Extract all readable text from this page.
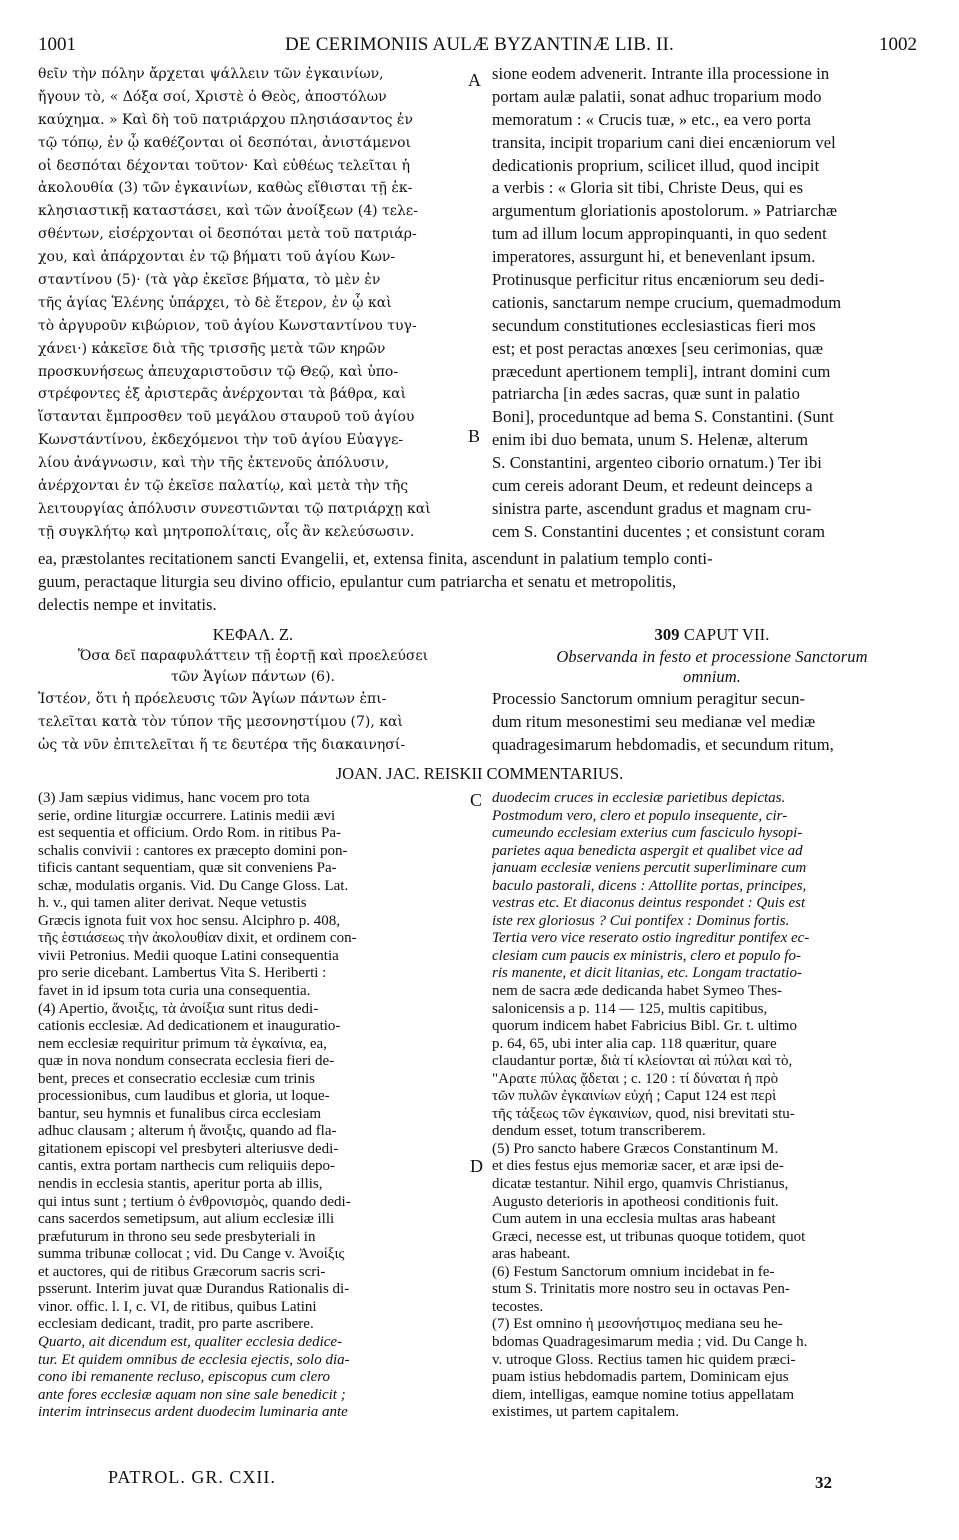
1001	DE CERIMONIIS AULÆ BYZANTINÆ LIB. II.	1002
θεῖν τὴν πόλην ἄρχεται ψάλλειν τῶν ἐγκαινίων,
ἤγουν τὸ, « Δόξα σοί, Χριστὲ ὁ Θεὸς, ἀποστόλων
καύχημα. » Καὶ δὴ τοῦ πατριάρχου πλησιάσαντος ἐν
τῷ τόπῳ, ἐν ᾧ καθέζονται οἱ δεσπόται, ἀνιστάμενοι
οἱ δεσπόται δέχονται τοῦτον· Καὶ εὐθέως τελεῖται ἡ
ἀκολουθία (3) τῶν ἐγκαινίων, καθὼς εἴθισται τῇ ἐκ-
κλησιαστικῇ καταστάσει, καὶ τῶν ἀνοίξεων (4) τελε-
σθέντων, εἰσέρχονται οἱ δεσπόται μετὰ τοῦ πατριάρ-
χου, καὶ ἀπάρχονται ἐν τῷ βήματι τοῦ ἁγίου Κων-
σταντίνου (5)· (τὰ γὰρ ἐκεῖσε βήματα, τὸ μὲν ἐν
τῆς ἁγίας Ἑλένης ὑπάρχει, τὸ δὲ ἕτερον, ἐν ᾧ καὶ
τὸ ἀργυροῦν κιβώριον, τοῦ ἁγίου Κωνσταντίνου τυγ-
χάνει·) κἀκεῖσε διὰ τῆς τρισσῆς μετὰ τῶν κηρῶν
προσκυνήσεως ἀπευχαριστοῦσιν τῷ Θεῷ, καὶ ὑπο-
στρέφοντες ἐξ ἀριστερᾶς ἀνέρχονται τὰ βάθρα, καὶ
ἵστανται ἔμπροσθεν τοῦ μεγάλου σταυροῦ τοῦ ἁγίου
Κωνστάντίνου, ἐκδεχόμενοι τὴν τοῦ ἁγίου Εὐαγγε-
λίου ἀνάγνωσιν, καὶ τὴν τῆς ἐκτενοῦς ἀπόλυσιν,
ἀνέρχονται ἐν τῷ ἐκεῖσε παλατίῳ, καὶ μετὰ τὴν τῆς
λειτουργίας ἀπόλυσιν συνεστιῶνται τῷ πατριάρχῃ καὶ
τῇ συγκλήτῳ καὶ μητροπολίταις, οἷς ἂν κελεύσωσιν.
sione eodem advenerit. Intrante illa processione in
portam aulæ palatii, sonat adhuc troparium modo
memoratum : « Crucis tuæ, » etc., ea vero porta
transita, incipit troparium cani diei encæniorum vel
dedicationis proprium, scilicet illud, quod incipit
a verbis : « Gloria sit tibi, Christe Deus, qui es
argumentum gloriationis apostolorum. » Patriarchæ
tum ad illum locum appropinquanti, in quo sedent
imperatores, assurgunt hi, et benevenlant ipsum.
Protinusque perficitur ritus encæniorum seu dedi-
cationis, sanctarum nempe crucium, quemadmodum
secundum constitutiones ecclesiasticas fieri mos
est; et post peractas anœxes [seu cerimonias, quæ
præcedunt apertionem templi], intrant domini cum
patriarcha [in ædes sacras, quæ sunt in palatio
Boni], proceduntque ad bema S. Constantini. (Sunt
enim ibi duo bemata, unum S. Helenæ, alterum
S. Constantini, argenteo ciborio ornatum.) Ter ibi
cum cereis adorant Deum, et redeunt deinceps a
sinistra parte, ascendunt gradus et magnam cru-
cem S. Constantini ducentes ; et consistunt coram
A
B
C
D
ea, præstolantes recitationem sancti Evangelii, et, extensa finita, ascendunt in palatium templo conti-
guum, peractaque liturgia seu divino officio, epulantur cum patriarcha et senatu et metropolitis,
delectis nempe et invitatis.
ΚΕΦΑΛ. Ζ.
Ὅσα δεῖ παραφυλάττειν τῇ ἑορτῇ καὶ προελεύσει
τῶν Ἁγίων πάντων (6).
Ἰστέον, ὅτι ἡ πρόελευσις τῶν Ἁγίων πάντων ἐπι-
τελεῖται κατὰ τὸν τύπον τῆς μεσονηστίμου (7), καὶ
ὡς τὰ νῦν ἐπιτελεῖται ἥ τε δευτέρα τῆς διακαινησί-
309 CAPUT VII.
Observanda in festo et processione Sanctorum
omnium.
Processio Sanctorum omnium peragitur secun-
dum ritum mesonestimi seu medianæ vel mediæ
quadragesimarum hebdomadis, et secundum ritum,
JOAN. JAC. REISKII COMMENTARIUS.
(3) Jam sæpius vidimus, hanc vocem pro tota
serie, ordine liturgiæ occurrere. Latinis medii ævi
est sequentia et officium. Ordo Rom. in ritibus Pa-
schalis convivii : cantores ex præcepto domini pon-
tificis cantant sequentiam, quæ sit conveniens Pa-
schæ, modulatis organis. Vid. Du Cange Gloss. Lat.
h. v., qui tamen aliter derivat. Neque vetustis
Græcis ignota fuit vox hoc sensu. Alciphro p. 408,
τῆς ἑστιάσεως τὴν ἀκολουθίαν dixit, et ordinem con-
vivii Petronius. Medii quoque Latini consequentia
pro serie dicebant. Lambertus Vita S. Heriberti :
favet in id ipsum tota curia una consequentia.
(4) Apertio, ἄνοιξις, τὰ ἀνοίξια sunt ritus dedi-
cationis ecclesiæ. Ad dedicationem et inauguratio-
nem ecclesiæ requiritur primum τὰ ἐγκαίνια, ea,
quæ in nova nondum consecrata ecclesia fieri de-
bent, preces et consecratio ecclesiæ cum trinis
processionibus, cum laudibus et gloria, ut loque-
bantur, seu hymnis et funalibus circa ecclesiam
adhuc clausam ; alterum ἡ ἄνοιξις, quando ad fla-
gitationem episcopi vel presbyteri alteriusve dedi-
cantis, extra portam narthecis cum reliquiis depo-
nendis in ecclesia stantis, aperitur porta ab illis,
qui intus sunt ; tertium ὁ ἐνθρονισμὸς, quando dedi-
cans sacerdos semetipsum, aut alium ecclesiæ illi
præfuturum in throno seu sede presbyteriali in
summa tribunæ collocat ; vid. Du Cange v. Ἀνοίξις
et auctores, qui de ritibus Græcorum sacris scri-
psserunt. Interim juvat quæ Durandus Rationalis di-
vinor. offic. l. I, c. VI, de ritibus, quibus Latini
ecclesiam dedicant, tradit, pro parte ascribere.
Quarto, ait dicendum est, qualiter ecclesia dedice-
tur. Et quidem omnibus de ecclesia ejectis, solo dia-
cono ibi remanente recluso, episcopus cum clero
ante fores ecclesiæ aquam non sine sale benedicit ;
interim intrinsecus ardent duodecim luminaria ante
duodecim cruces in ecclesiæ parietibus depictas.
Postmodum vero, clero et populo insequente, cir-
cumeundo ecclesiam exterius cum fasciculo hysopi-
parietes aqua benedicta aspergit et qualibet vice ad
januam ecclesiæ veniens percutit superliminare cum
baculo pastorali, dicens : Attollite portas, principes,
vestras etc. Et diaconus deintus respondet : Quis est
iste rex gloriosus ? Cui pontifex : Dominus fortis.
Tertia vero vice reserato ostio ingreditur pontifex ec-
clesiam cum paucis ex ministris, clero et populo fo-
ris manente, et dicit litanias, etc. Longam tractatio-
nem de sacra æde dedicanda habet Symeo Thes-
salonicensis a p. 114 — 125, multis capitibus,
quorum indicem habet Fabricius Bibl. Gr. t. ultimo
p. 64, 65, ubi inter alia cap. 118 quæritur, quare
claudantur portæ, διὰ τί κλείονται αἱ πύλαι καὶ τὸ,
"Αρατε πύλας ᾄδεται ; c. 120 : τί δύναται ἡ πρὸ
τῶν πυλῶν ἐγκαινίων εὐχή ; Caput 124 est περὶ
τῆς τάξεως τῶν ἐγκαινίων, quod, nisi brevitati stu-
dendum esset, totum transcriberem.
(5) Pro sancto habere Græcos Constantinum M.
et dies festus ejus memoriæ sacer, et aræ ipsi de-
dicatæ testantur. Nihil ergo, quamvis Christianus,
Augusto deterioris in apotheosi conditionis fuit.
Cum autem in una ecclesia multas aras habeant
Græci, necesse est, ut tribunas quoque totidem, quot
aras habeant.
(6) Festum Sanctorum omnium incidebat in fe-
stum S. Trinitatis more nostro seu in octavas Pen-
tecostes.
(7) Est omnino ἡ μεσονήστιμος mediana seu he-
bdomas Quadragesimarum media ; vid. Du Cange h.
v. utroque Gloss. Rectius tamen hic quidem præci-
puam istius hebdomadis partem, Dominicam ejus
diem, intelligas, eamque nomine totius appellatam
existimes, ut partem capitalem.
PATROL. GR. CXII.	32
